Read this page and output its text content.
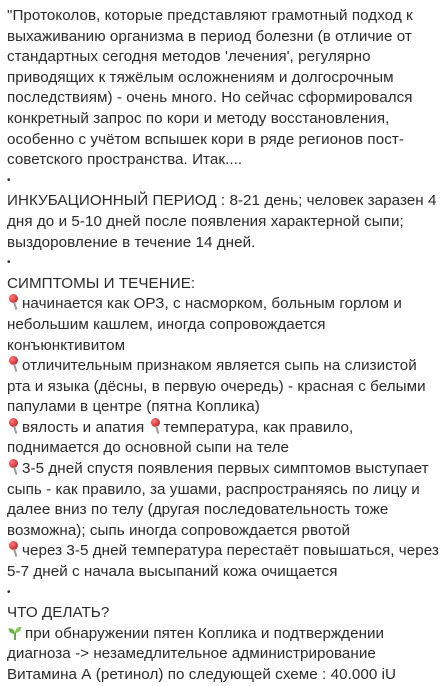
"Протоколов, которые представляют грамотный подход к выхаживанию организма в период болезни (в отличие от стандартных сегодня методов 'лечения', регулярно приводящих к тяжёлым осложнениям и долгосрочным последствиям) - очень много. Но сейчас сформировался конкретный запрос по кори и методу восстановления, особенно с учётом вспышек кори в ряде регионов пост-советского пространства. Итак....

•

ИНКУБАЦИОННЫЙ ПЕРИОД : 8-21 день; человек заразен 4 дня до и 5-10 дней после появления характерной сыпи; выздоровление в течение 14 дней.

•

СИМПТОМЫ И ТЕЧЕНИЕ:

начинается как ОРЗ, с насморком, больным горлом и небольшим кашлем, иногда сопровождается конъюнктивитом

отличительным признаком является сыпь на слизистой рта и языка (дёсны, в первую очередь) - красная с белыми папулами в центре (пятна Коплика)

вялость и апатия
температура, как правило, поднимается до основной сыпи на теле

3-5 дней спустя появления первых симптомов выступает сыпь - как правило, за ушами, распространяясь по лицу и далее вниз по телу (другая последовательность тоже возможна); сыпь иногда сопровождается рвотой

через 3-5 дней температура перестаёт повышаться, через 5-7 дней с начала высыпаний кожа очищается

•

ЧТО ДЕЛАТЬ?

при обнаружении пятен Коплика и подтверждении диагноза -> незамедлительное администрирование Витамина А (ретинол) по следующей схеме : 40.000 iU
